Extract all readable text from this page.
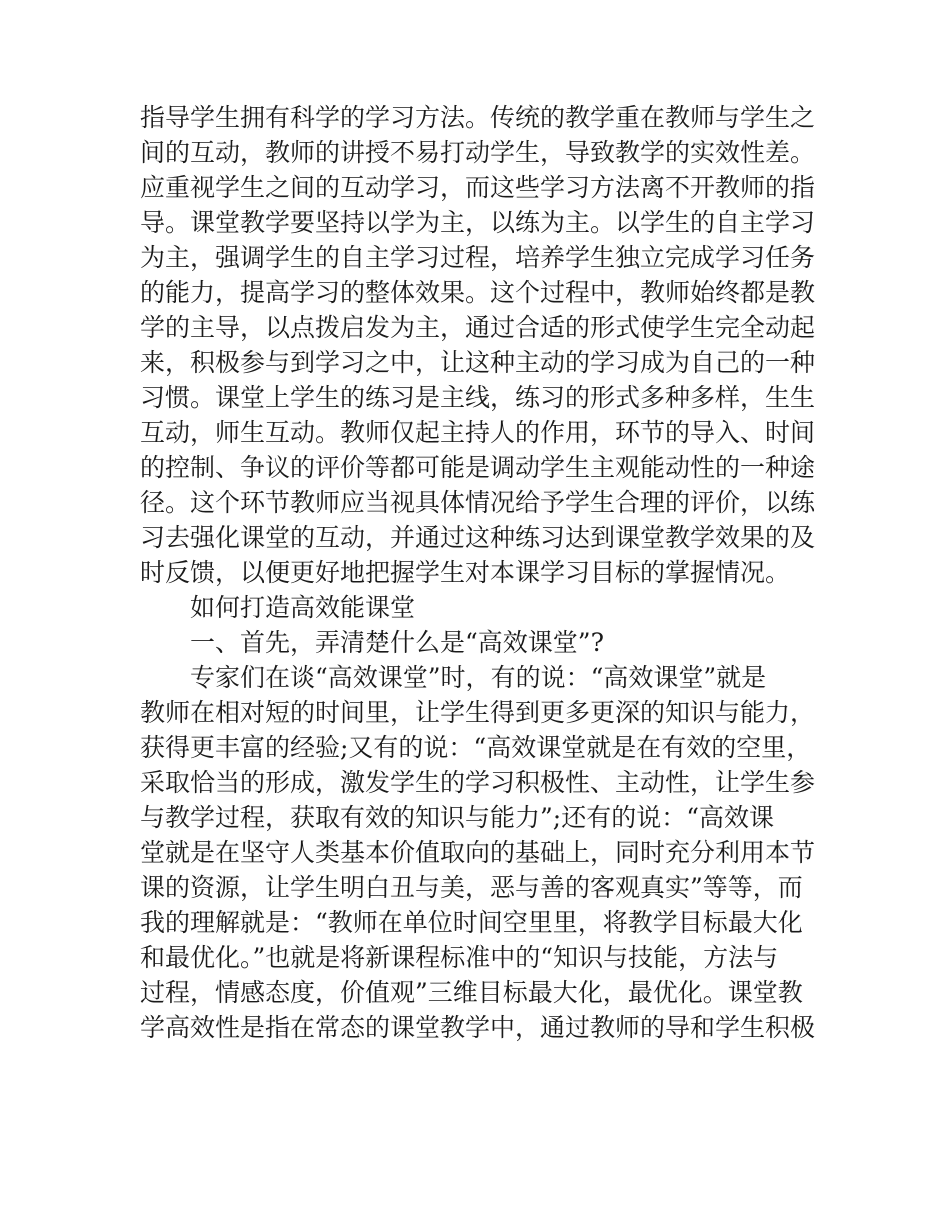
指导学生拥有科学的学习方法。传统的教学重在教师与学生之
间的互动，教师的讲授不易打动学生，导致教学的实效性差。
应重视学生之间的互动学习，而这些学习方法离不开教师的指
导。课堂教学要坚持以学为主，以练为主。以学生的自主学习
为主，强调学生的自主学习过程，培养学生独立完成学习任务
的能力，提高学习的整体效果。这个过程中，教师始终都是教
学的主导，以点拨启发为主，通过合适的形式使学生完全动起
来，积极参与到学习之中，让这种主动的学习成为自己的一种
习惯。课堂上学生的练习是主线，练习的形式多种多样，生生
互动，师生互动。教师仅起主持人的作用，环节的导入、时间
的控制、争议的评价等都可能是调动学生主观能动性的一种途
径。这个环节教师应当视具体情况给予学生合理的评价，以练
习去强化课堂的互动，并通过这种练习达到课堂教学效果的及
时反馈，以便更好地把握学生对本课学习目标的掌握情况。
如何打造高效能课堂
一、首先，弄清楚什么是“高效课堂”?
专家们在谈“高效课堂”时，有的说：“高效课堂”就是
教师在相对短的时间里，让学生得到更多更深的知识与能力，
获得更丰富的经验;又有的说：“高效课堂就是在有效的空里，
采取恰当的形成，激发学生的学习积极性、主动性，让学生参
与教学过程，获取有效的知识与能力”;还有的说：“高效课
堂就是在坚守人类基本价值取向的基础上，同时充分利用本节
课的资源，让学生明白丑与美，恶与善的客观真实”等等，而
我的理解就是：“教师在单位时间空里里，将教学目标最大化
和最优化。”也就是将新课程标准中的“知识与技能，方法与
过程，情感态度，价值观”三维目标最大化，最优化。课堂教
学高效性是指在常态的课堂教学中，通过教师的导和学生积极
